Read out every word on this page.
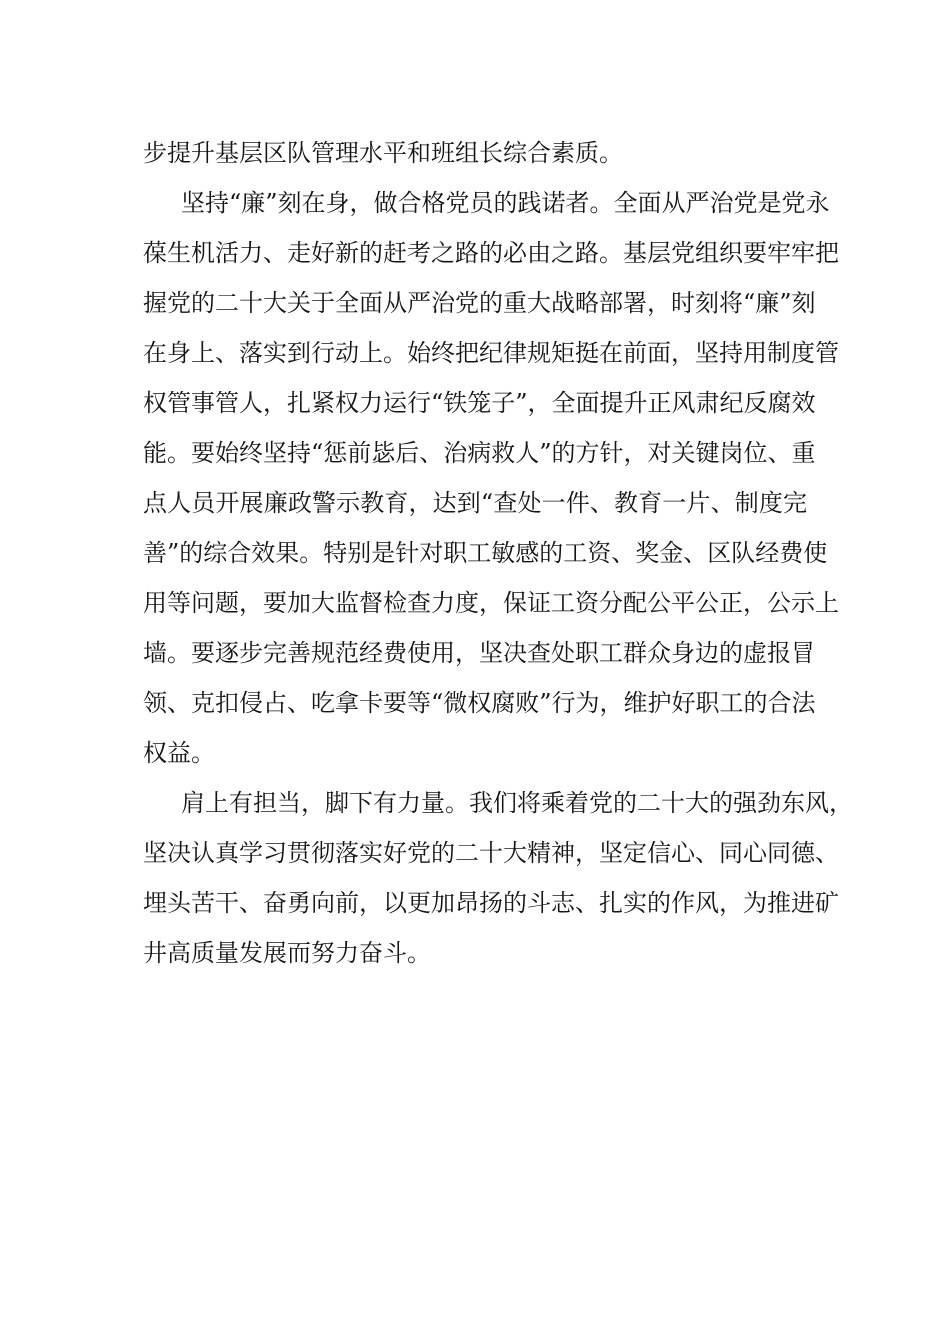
步提升基层区队管理水平和班组长综合素质。
坚持“廉”刻在身，做合格党员的践诺者。全面从严治党是党永
葆生机活力、走好新的赶考之路的必由之路。基层党组织要牢牢把
握党的二十大关于全面从严治党的重大战略部署，时刻将“廉”刻
在身上、落实到行动上。始终把纪律规矩挺在前面，坚持用制度管
权管事管人，扎紧权力运行“铁笼子”，全面提升正风肃纪反腐效
能。要始终坚持“惩前毖后、治病救人”的方针，对关键岗位、重
点人员开展廉政警示教育，达到“查处一件、教育一片、制度完
善”的综合效果。特别是针对职工敏感的工资、奖金、区队经费使
用等问题，要加大监督检查力度，保证工资分配公平公正，公示上
墙。要逐步完善规范经费使用，坚决查处职工群众身边的虚报冒
领、克扣侵占、吃拿卡要等“微权腐败”行为，维护好职工的合法
权益。
肩上有担当，脚下有力量。我们将乘着党的二十大的强劲东风，
坚决认真学习贯彻落实好党的二十大精神，坚定信心、同心同德、
埋头苦干、奋勇向前，以更加昂扬的斗志、扎实的作风，为推进矿
井高质量发展而努力奋斗。
